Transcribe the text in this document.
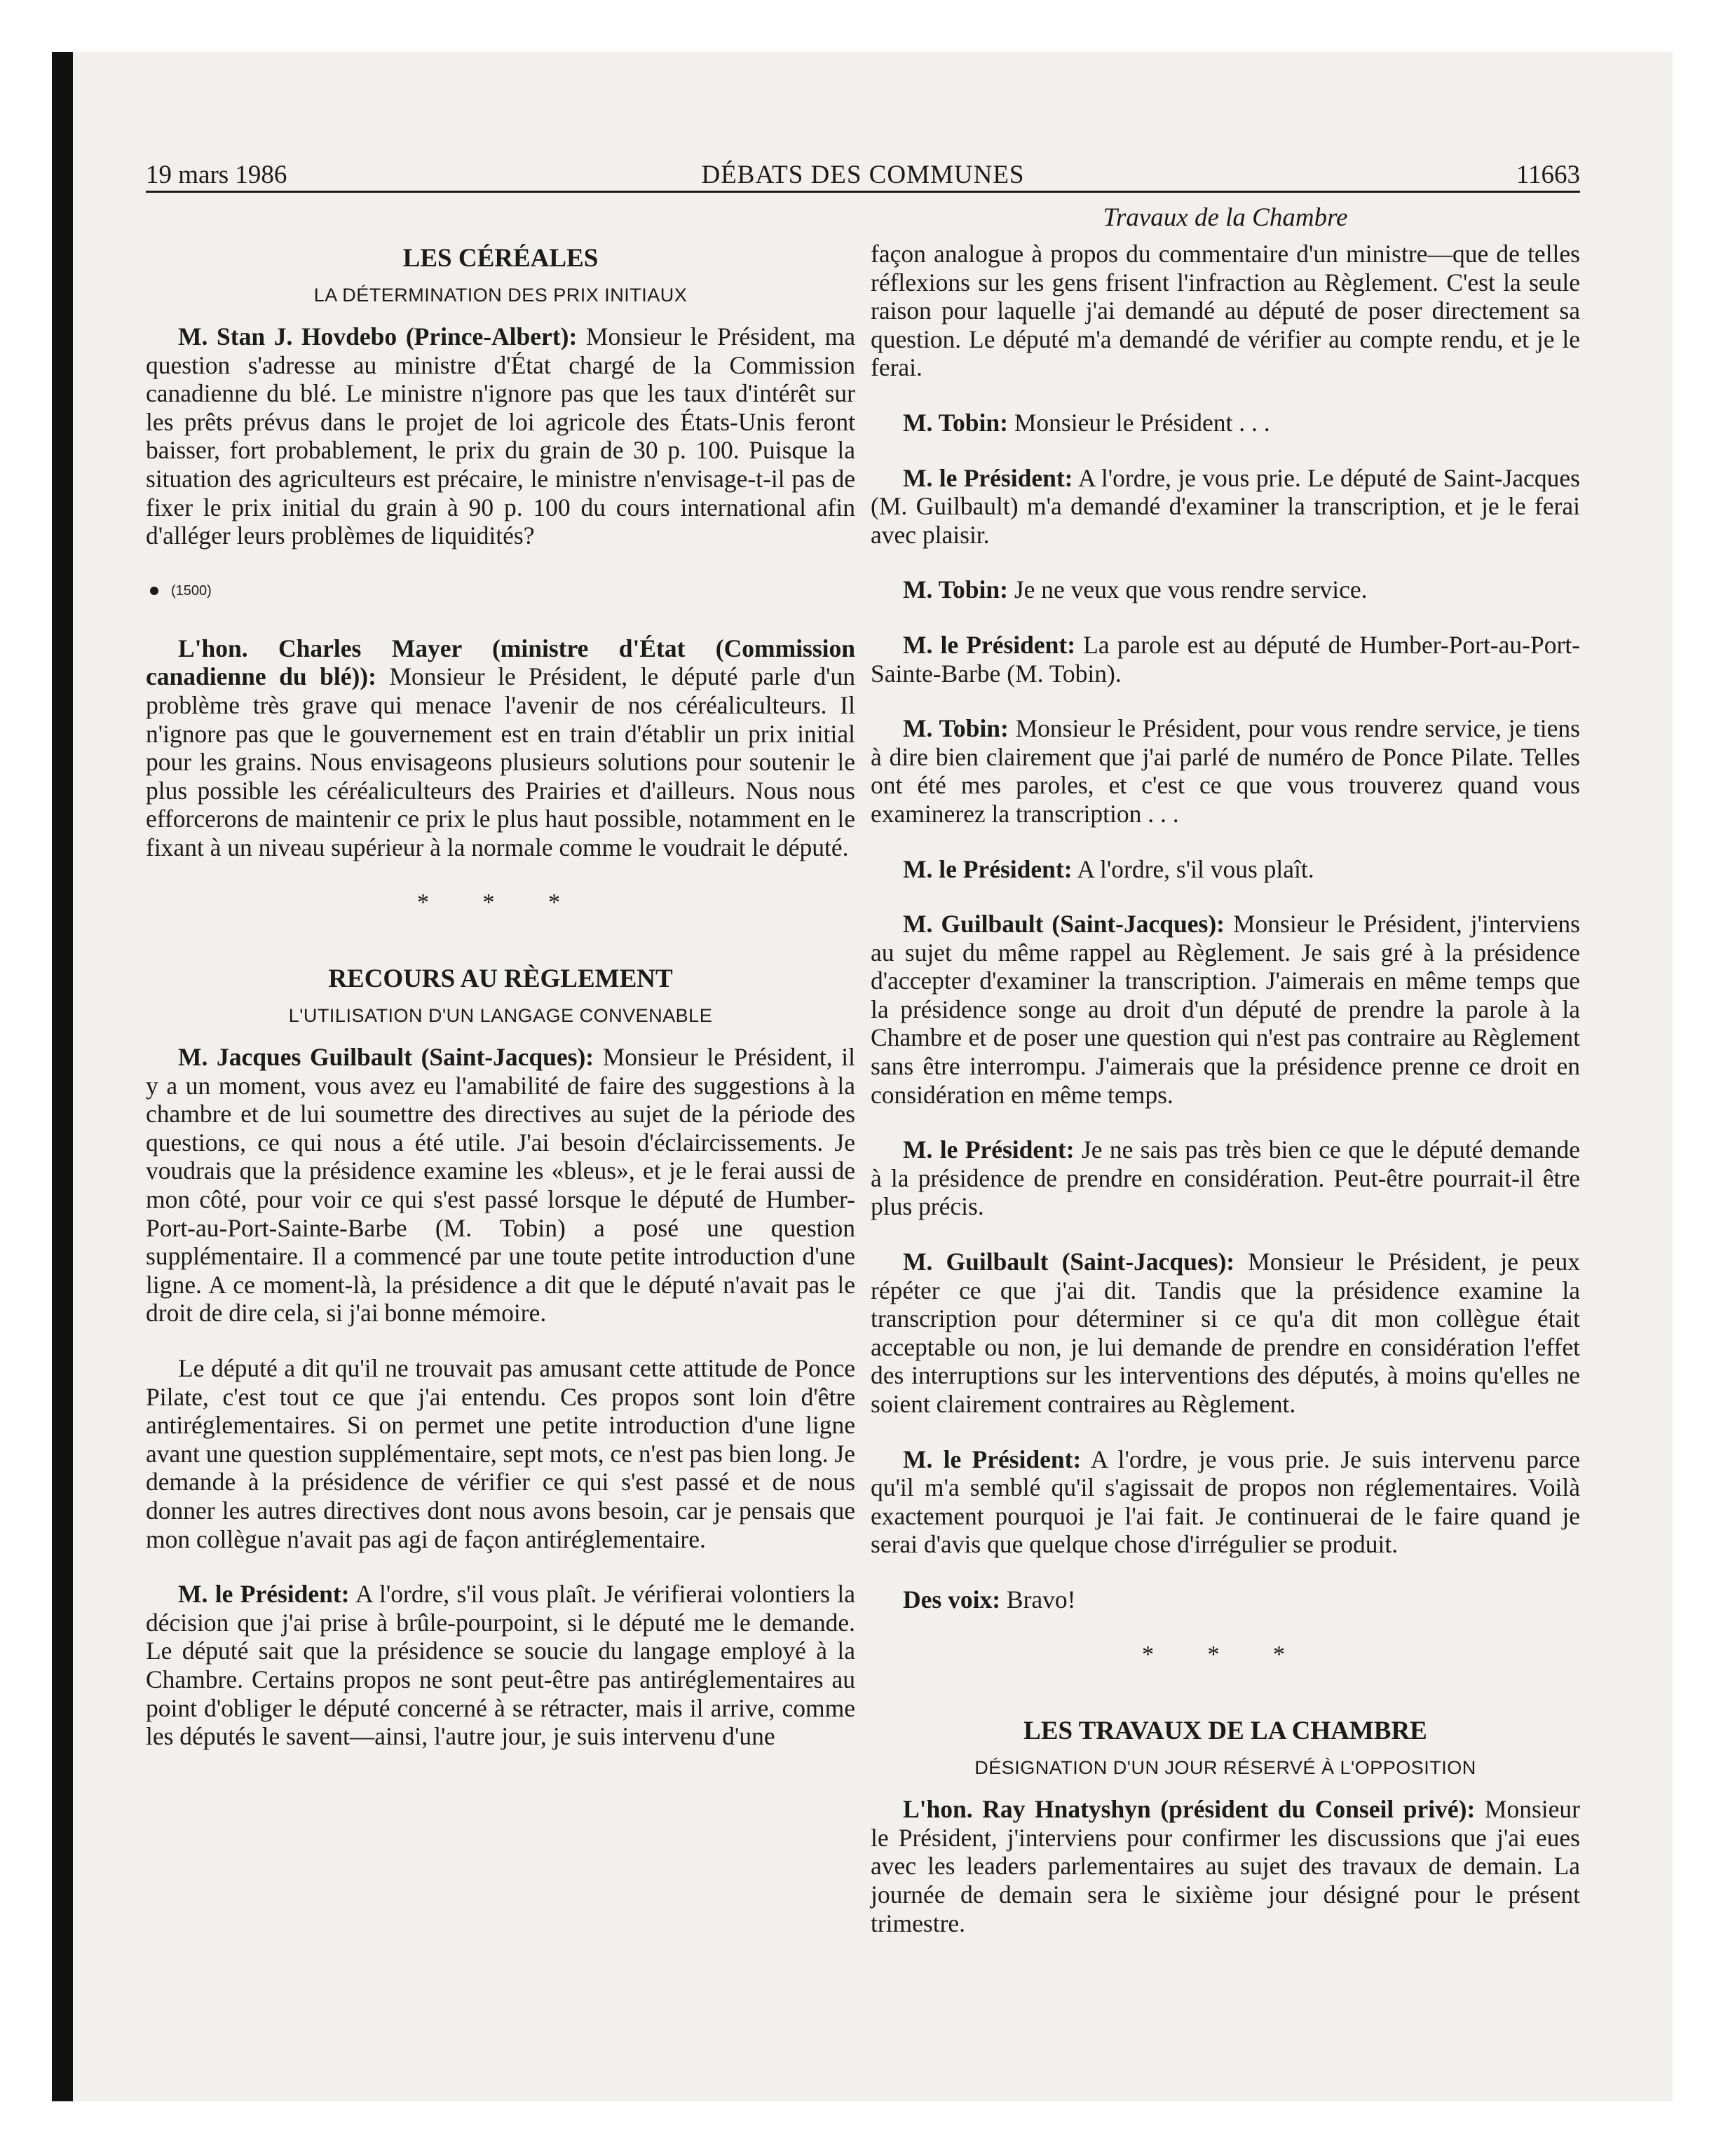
19 mars 1986	DÉBATS DES COMMUNES	11663
LES CÉRÉALES
LA DÉTERMINATION DES PRIX INITIAUX

M. Stan J. Hovdebo (Prince-Albert): Monsieur le Président, ma question s'adresse au ministre d'État chargé de la Commission canadienne du blé. Le ministre n'ignore pas que les taux d'intérêt sur les prêts prévus dans le projet de loi agricole des États-Unis feront baisser, fort probablement, le prix du grain de 30 p. 100. Puisque la situation des agriculteurs est précaire, le ministre n'envisage-t-il pas de fixer le prix initial du grain à 90 p. 100 du cours international afin d'alléger leurs problèmes de liquidités?

(1500)

L'hon. Charles Mayer (ministre d'État (Commission canadienne du blé)): Monsieur le Président, le député parle d'un problème très grave qui menace l'avenir de nos céréaliculteurs. Il n'ignore pas que le gouvernement est en train d'établir un prix initial pour les grains. Nous envisageons plusieurs solutions pour soutenir le plus possible les céréaliculteurs des Prairies et d'ailleurs. Nous nous efforcerons de maintenir ce prix le plus haut possible, notamment en le fixant à un niveau supérieur à la normale comme le voudrait le député.

* * *
RECOURS AU RÈGLEMENT
L'UTILISATION D'UN LANGAGE CONVENABLE

M. Jacques Guilbault (Saint-Jacques): Monsieur le Président, il y a un moment, vous avez eu l'amabilité de faire des suggestions à la chambre et de lui soumettre des directives au sujet de la période des questions, ce qui nous a été utile. J'ai besoin d'éclaircissements. Je voudrais que la présidence examine les «bleus», et je le ferai aussi de mon côté, pour voir ce qui s'est passé lorsque le député de Humber-Port-au-Port-Sainte-Barbe (M. Tobin) a posé une question supplémentaire. Il a commencé par une toute petite introduction d'une ligne. A ce moment-là, la présidence a dit que le député n'avait pas le droit de dire cela, si j'ai bonne mémoire.

Le député a dit qu'il ne trouvait pas amusant cette attitude de Ponce Pilate, c'est tout ce que j'ai entendu. Ces propos sont loin d'être antiréglementaires. Si on permet une petite introduction d'une ligne avant une question supplémentaire, sept mots, ce n'est pas bien long. Je demande à la présidence de vérifier ce qui s'est passé et de nous donner les autres directives dont nous avons besoin, car je pensais que mon collègue n'avait pas agi de façon antiréglementaire.

M. le Président: A l'ordre, s'il vous plaît. Je vérifierai volontiers la décision que j'ai prise à brûle-pourpoint, si le député me le demande. Le député sait que la présidence se soucie du langage employé à la Chambre. Certains propos ne sont peut-être pas antiréglementaires au point d'obliger le député concerné à se rétracter, mais il arrive, comme les députés le savent—ainsi, l'autre jour, je suis intervenu d'une

Travaux de la Chambre

façon analogue à propos du commentaire d'un ministre—que de telles réflexions sur les gens frisent l'infraction au Règlement. C'est la seule raison pour laquelle j'ai demandé au député de poser directement sa question. Le député m'a demandé de vérifier au compte rendu, et je le ferai.

M. Tobin: Monsieur le Président . . .

M. le Président: A l'ordre, je vous prie. Le député de Saint-Jacques (M. Guilbault) m'a demandé d'examiner la transcription, et je le ferai avec plaisir.

M. Tobin: Je ne veux que vous rendre service.

M. le Président: La parole est au député de Humber-Port-au-Port-Sainte-Barbe (M. Tobin).

M. Tobin: Monsieur le Président, pour vous rendre service, je tiens à dire bien clairement que j'ai parlé de numéro de Ponce Pilate. Telles ont été mes paroles, et c'est ce que vous trouverez quand vous examinerez la transcription . . .

M. le Président: A l'ordre, s'il vous plaît.

M. Guilbault (Saint-Jacques): Monsieur le Président, j'interviens au sujet du même rappel au Règlement. Je sais gré à la présidence d'accepter d'examiner la transcription. J'aimerais en même temps que la présidence songe au droit d'un député de prendre la parole à la Chambre et de poser une question qui n'est pas contraire au Règlement sans être interrompu. J'aimerais que la présidence prenne ce droit en considération en même temps.

M. le Président: Je ne sais pas très bien ce que le député demande à la présidence de prendre en considération. Peut-être pourrait-il être plus précis.

M. Guilbault (Saint-Jacques): Monsieur le Président, je peux répéter ce que j'ai dit. Tandis que la présidence examine la transcription pour déterminer si ce qu'a dit mon collègue était acceptable ou non, je lui demande de prendre en considération l'effet des interruptions sur les interventions des députés, à moins qu'elles ne soient clairement contraires au Règlement.

M. le Président: A l'ordre, je vous prie. Je suis intervenu parce qu'il m'a semblé qu'il s'agissait de propos non réglementaires. Voilà exactement pourquoi je l'ai fait. Je continuerai de le faire quand je serai d'avis que quelque chose d'irrégulier se produit.

Des voix: Bravo!

* * *
LES TRAVAUX DE LA CHAMBRE
DÉSIGNATION D'UN JOUR RÉSERVÉ À L'OPPOSITION

L'hon. Ray Hnatyshyn (président du Conseil privé): Monsieur le Président, j'interviens pour confirmer les discussions que j'ai eues avec les leaders parlementaires au sujet des travaux de demain. La journée de demain sera le sixième jour désigné pour le présent trimestre.
